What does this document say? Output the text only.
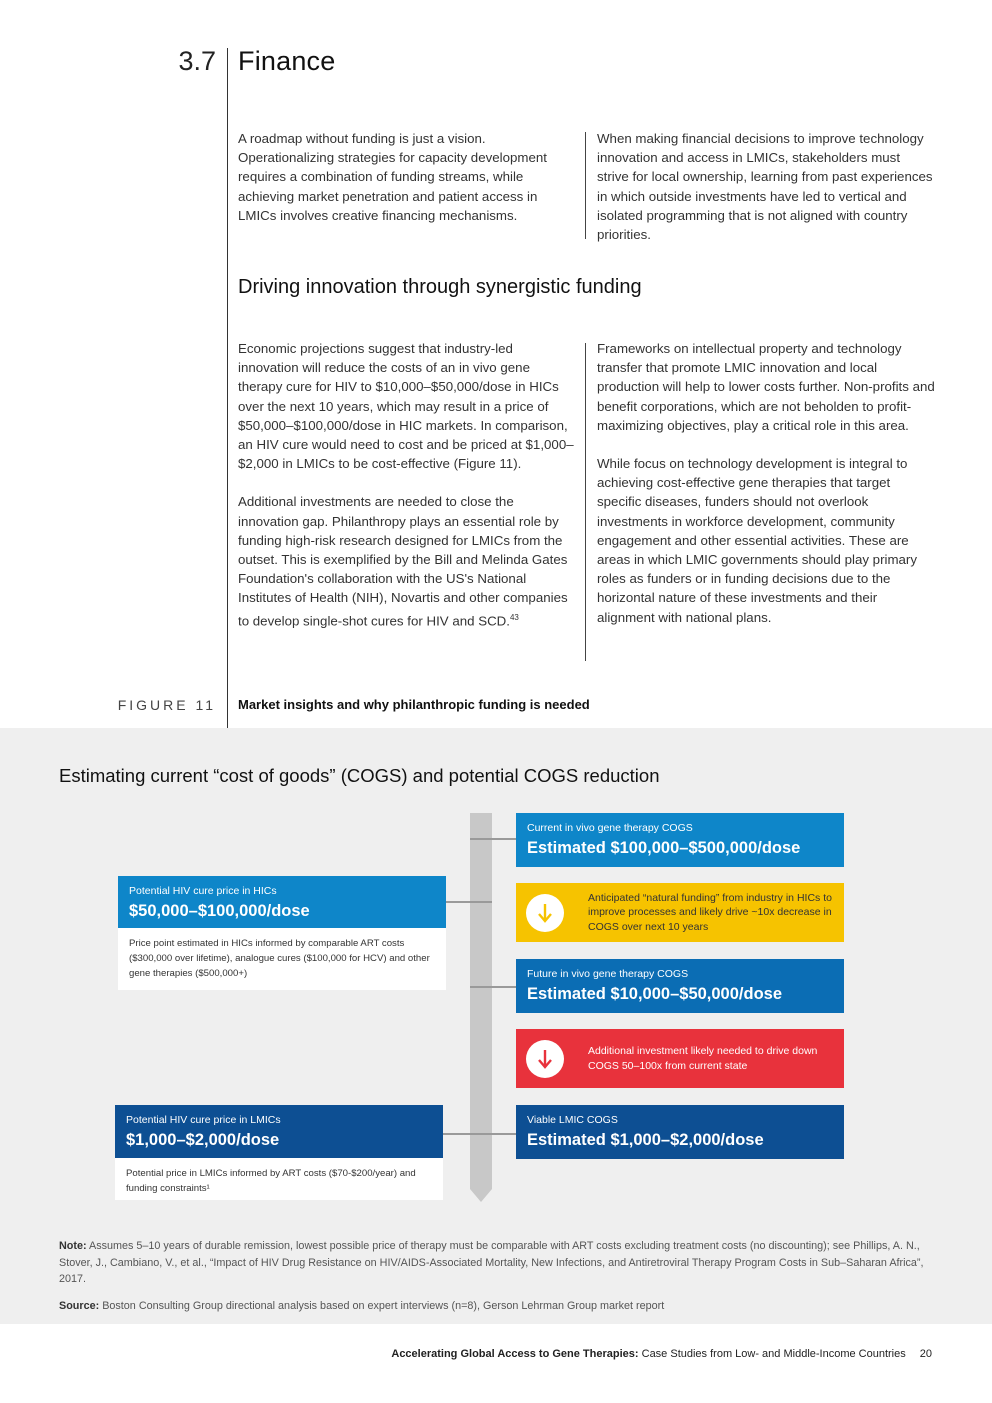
3.7 Finance

A roadmap without funding is just a vision. Operationalizing strategies for capacity development requires a combination of funding streams, while achieving market penetration and patient access in LMICs involves creative financing mechanisms.

When making financial decisions to improve technology innovation and access in LMICs, stakeholders must strive for local ownership, learning from past experiences in which outside investments have led to vertical and isolated programming that is not aligned with country priorities.

Driving innovation through synergistic funding

Economic projections suggest that industry-led innovation will reduce the costs of an in vivo gene therapy cure for HIV to $10,000–$50,000/dose in HICs over the next 10 years, which may result in a price of $50,000–$100,000/dose in HIC markets. In comparison, an HIV cure would need to cost and be priced at $1,000–$2,000 in LMICs to be cost-effective (Figure 11).

Additional investments are needed to close the innovation gap. Philanthropy plays an essential role by funding high-risk research designed for LMICs from the outset. This is exemplified by the Bill and Melinda Gates Foundation's collaboration with the US's National Institutes of Health (NIH), Novartis and other companies to develop single-shot cures for HIV and SCD.$^{43}$

Frameworks on intellectual property and technology transfer that promote LMIC innovation and local production will help to lower costs further. Non-profits and benefit corporations, which are not beholden to profit-maximizing objectives, play a critical role in this area.

While focus on technology development is integral to achieving cost-effective gene therapies that target specific diseases, funders should not overlook investments in workforce development, community engagement and other essential activities. These are areas in which LMIC governments should play primary roles as funders or in funding decisions due to the horizontal nature of these investments and their alignment with national plans.

FIGURE 11 Market insights and why philanthropic funding is needed
Estimating current “cost of goods” (COGS) and potential COGS reduction
Potential HIV cure price in HICs
$50,000–$100,000/dose
Price point estimated in HICs informed by comparable ART costs ($300,000 over lifetime), analogue cures ($100,000 for HCV) and other gene therapies ($500,000+)
Potential HIV cure price in LMICs
$1,000–$2,000/dose
Potential price in LMICs informed by ART costs ($70-$200/year) and funding constraints¹
Current in vivo gene therapy COGS
Estimated $100,000–$500,000/dose
Anticipated “natural funding” from industry in HICs to improve processes and likely drive ~10x decrease in COGS over next 10 years
Future in vivo gene therapy COGS
Estimated $10,000–$50,000/dose
Additional investment likely needed to drive down COGS 50–100x from current state
Viable LMIC COGS
Estimated $1,000–$2,000/dose
Note: Assumes 5–10 years of durable remission, lowest possible price of therapy must be comparable with ART costs excluding treatment costs (no discounting); see Phillips, A. N., Stover, J., Cambiano, V., et al., “Impact of HIV Drug Resistance on HIV/AIDS-Associated Mortality, New Infections, and Antiretroviral Therapy Program Costs in Sub–Saharan Africa”, 2017.
Source: Boston Consulting Group directional analysis based on expert interviews (n=8), Gerson Lehrman Group market report
Accelerating Global Access to Gene Therapies: Case Studies from Low- and Middle-Income Countries 20
